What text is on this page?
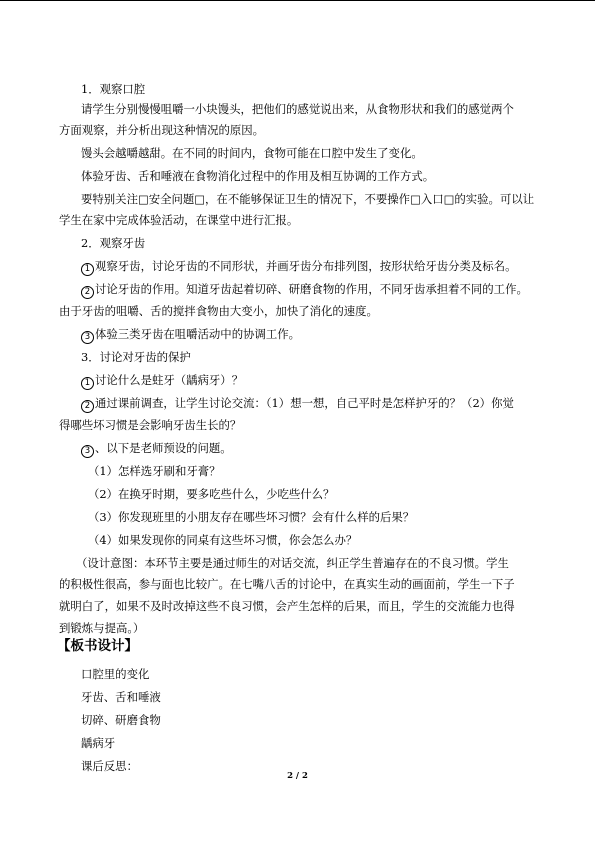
1．观察口腔
请学生分别慢慢咀嚼一小块馒头，把他们的感觉说出来，从食物形状和我们的感觉两个
方面观察，并分析出现这种情况的原因。
馒头会越嚼越甜。在不同的时间内，食物可能在口腔中发生了变化。
体验牙齿、舌和唾液在食物消化过程中的作用及相互协调的工作方式。
要特别关注□安全问题□，在不能够保证卫生的情况下，不要操作□入口□的实验。可以让
学生在家中完成体验活动，在课堂中进行汇报。
2．观察牙齿
1 观察牙齿，讨论牙齿的不同形状，并画牙齿分布排列图，按形状给牙齿分类及标名。
2 讨论牙齿的作用。知道牙齿起着切碎、研磨食物的作用，不同牙齿承担着不同的工作。
由于牙齿的咀嚼、舌的搅拌食物由大变小，加快了消化的速度。
3 体验三类牙齿在咀嚼活动中的协调工作。
3．讨论对牙齿的保护
1 讨论什么是蛀牙（龋病牙）？
2 通过课前调查，让学生讨论交流：（1）想一想，自己平时是怎样护牙的？（2）你觉
得哪些坏习惯是会影响牙齿生长的？
3 、以下是老师预设的问题。
（1）怎样选牙刷和牙膏？
（2）在换牙时期，要多吃些什么，少吃些什么？
（3）你发现班里的小朋友存在哪些坏习惯？会有什么样的后果？
（4）如果发现你的同桌有这些坏习惯，你会怎么办？
（设计意图：本环节主要是通过师生的对话交流，纠正学生普遍存在的不良习惯。学生
的积极性很高，参与面也比较广。在七嘴八舌的讨论中，在真实生动的画面前，学生一下子
就明白了，如果不及时改掉这些不良习惯，会产生怎样的后果，而且，学生的交流能力也得
到锻炼与提高。）
【板书设计】
口腔里的变化
牙齿、舌和唾液
切碎、研磨食物
龋病牙
课后反思：
2 / 2
